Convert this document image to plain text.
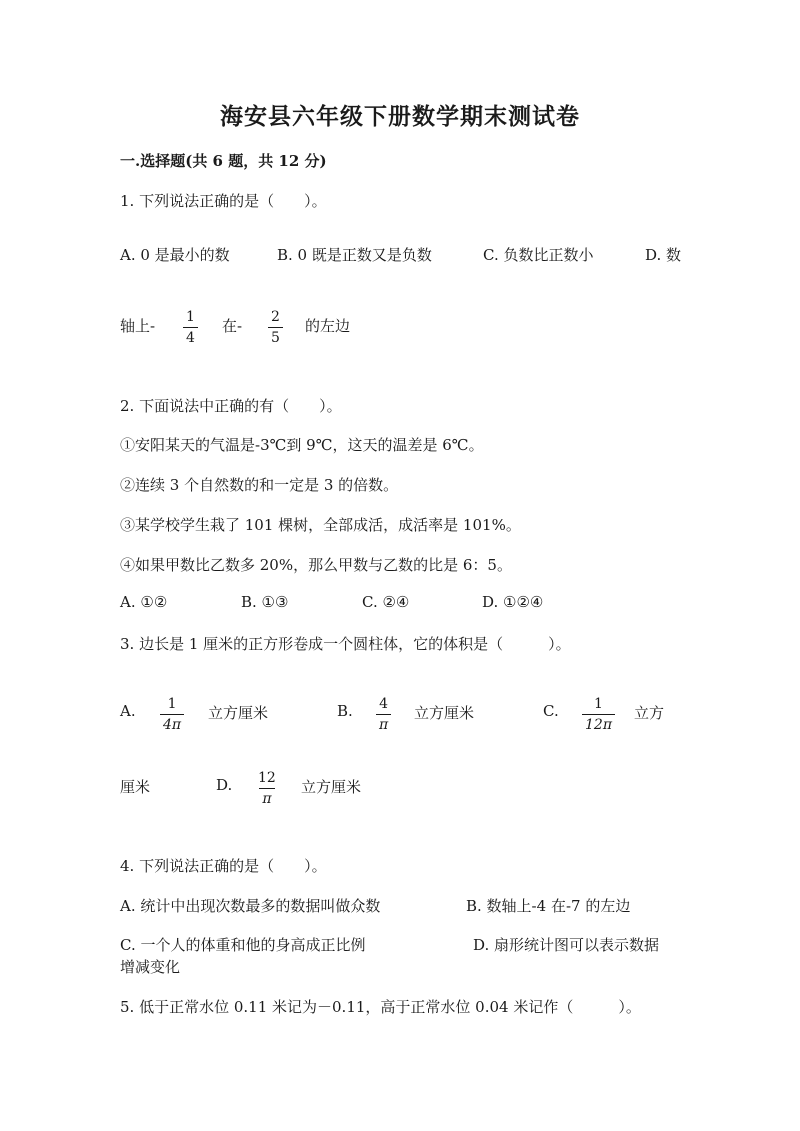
海安县六年级下册数学期末测试卷
一.选择题(共 6 题，共 12 分)
1. 下列说法正确的是（　　）。
A. 0 是最小的数	B. 0 既是正数又是负数	C. 负数比正数小	D. 数
轴上- $\frac{1}{4}$ 在- $\frac{2}{5}$ 的左边
2. 下面说法中正确的有（　　）。
①安阳某天的气温是-3℃到 9℃，这天的温差是 6℃。
②连续 3 个自然数的和一定是 3 的倍数。
③某学校学生栽了 101 棵树，全部成活，成活率是 101%。
④如果甲数比乙数多 20%，那么甲数与乙数的比是 6：5。
A. ①②	B. ①③	C. ②④	D. ①②④
3. 边长是 1 厘米的正方形卷成一个圆柱体，它的体积是（　　　）。
A. $\frac{1}{4\pi}$ 立方厘米	B. $\frac{4}{\pi}$ 立方厘米	C. $\frac{1}{12\pi}$ 立方
厘米	D. $\frac{12}{\pi}$ 立方厘米
4. 下列说法正确的是（　　）。
A. 统计中出现次数最多的数据叫做众数	B. 数轴上-4 在-7 的左边
C. 一个人的体重和他的身高成正比例	D. 扇形统计图可以表示数据
增减变化
5. 低于正常水位 0.11 米记为－0.11，高于正常水位 0.04 米记作（　　　）。
